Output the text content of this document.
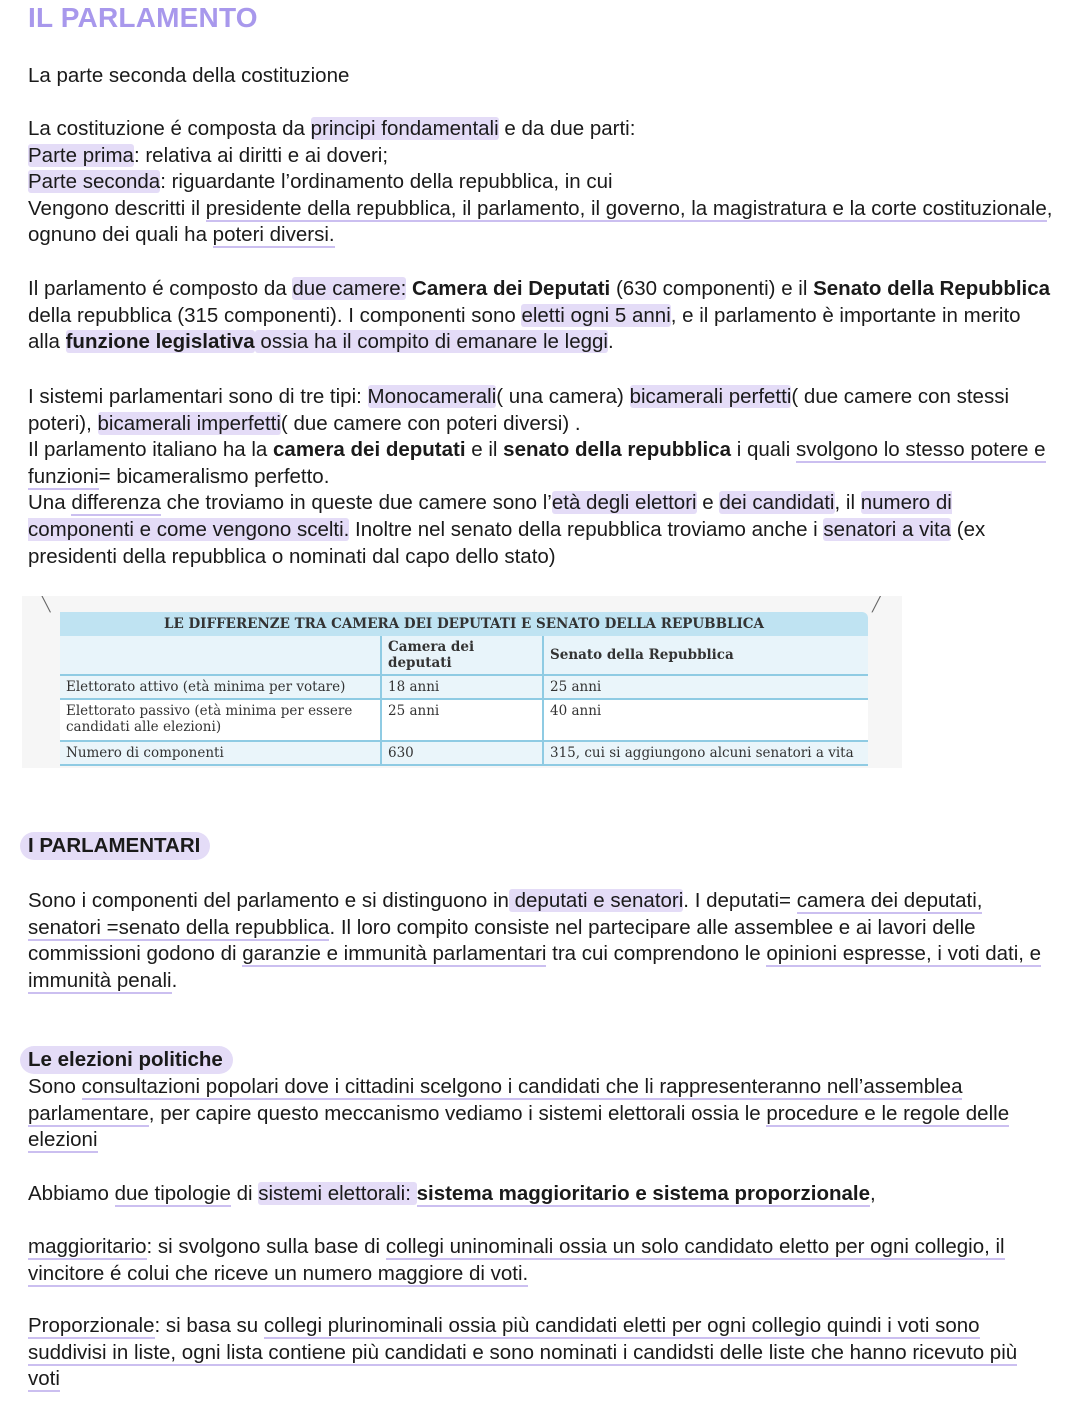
IL PARLAMENTO
La parte seconda della costituzione
La costituzione é composta da principi fondamentali e da due parti:
Parte prima: relativa ai diritti e ai doveri;
Parte seconda: riguardante l’ordinamento della repubblica, in cui
Vengono descritti il presidente della repubblica, il parlamento, il governo, la magistratura e la corte costituzionale, ognuno dei quali ha poteri diversi.
Il parlamento é composto da due camere: Camera dei Deputati (630 componenti) e il Senato della Repubblica della repubblica (315 componenti). I componenti sono eletti ogni 5 anni, e il parlamento è importante in merito alla funzione legislativa ossia ha il compito di emanare le leggi.
I sistemi parlamentari sono di tre tipi: Monocamerali( una camera) bicamerali perfetti( due camere con stessi poteri), bicamerali imperfetti( due camere con poteri diversi) .
Il parlamento italiano ha la camera dei deputati e il senato della repubblica i quali svolgono lo stesso potere e funzioni= bicameralismo perfetto.
Una differenza che troviamo in queste due camere sono l’età degli elettori e dei candidati, il numero di componenti e come vengono scelti. Inoltre nel senato della repubblica troviamo anche i senatori a vita (ex presidenti della repubblica o nominati dal capo dello stato)
╲	╱
LE DIFFERENZE TRA CAMERA DEI DEPUTATI E SENATO DELLA REPUBBLICA
	Camera dei deputati	Senato della Repubblica
Elettorato attivo (età minima per votare)	18 anni	25 anni
Elettorato passivo (età minima per essere candidati alle elezioni)	25 anni	40 anni
Numero di componenti	630	315, cui si aggiungono alcuni senatori a vita
I PARLAMENTARI
Sono i componenti del parlamento e si distinguono in deputati e senatori. I deputati= camera dei deputati, senatori =senato della repubblica. Il loro compito consiste nel partecipare alle assemblee e ai lavori delle commissioni godono di garanzie e immunità parlamentari tra cui comprendono le opinioni espresse, i voti dati, e immunità penali.
Le elezioni politiche
Sono consultazioni popolari dove i cittadini scelgono i candidati che li rappresenteranno nell’assemblea parlamentare, per capire questo meccanismo vediamo i sistemi elettorali ossia le procedure e le regole delle elezioni
Abbiamo due tipologie di sistemi elettorali: sistema maggioritario e sistema proporzionale,
maggioritario: si svolgono sulla base di collegi uninominali ossia un solo candidato eletto per ogni collegio, il vincitore é colui che riceve un numero maggiore di voti.
Proporzionale: si basa su collegi plurinominali ossia più candidati eletti per ogni collegio quindi i voti sono suddivisi in liste, ogni lista contiene più candidati e sono nominati i candidsti delle liste che hanno ricevuto più voti
